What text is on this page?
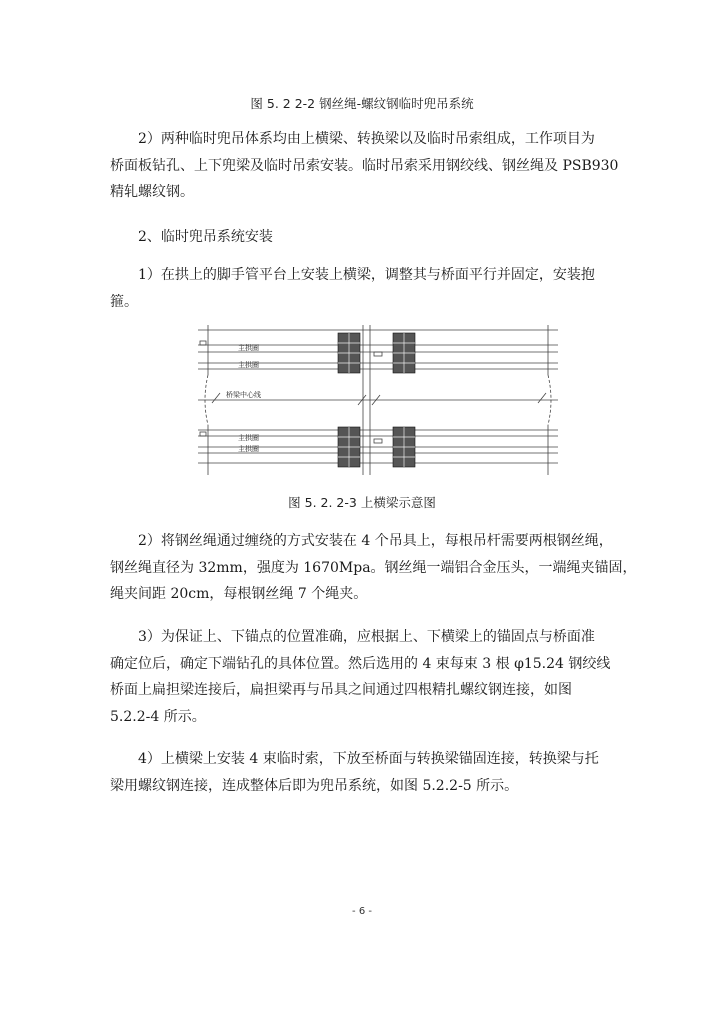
图 5. 2 2-2 钢丝绳-螺纹钢临时兜吊系统

2）两种临时兜吊体系均由上横梁、转换梁以及临时吊索组成，工作项目为
桥面板钻孔、上下兜梁及临时吊索安装。临时吊索采用钢绞线、钢丝绳及 PSB930
精轧螺纹钢。

2、临时兜吊系统安装

1）在拱上的脚手管平台上安装上横梁，调整其与桥面平行并固定，安装抱
箍。

主拱圈
主拱圈
桥梁中心线
主拱圈
主拱圈
图 5. 2. 2-3 上横梁示意图

2）将钢丝绳通过缠绕的方式安装在 4 个吊具上，每根吊杆需要两根钢丝绳，
钢丝绳直径为 32mm，强度为 1670Mpa。钢丝绳一端铝合金压头，一端绳夹锚固，
绳夹间距 20cm，每根钢丝绳 7 个绳夹。

3）为保证上、下锚点的位置准确，应根据上、下横梁上的锚固点与桥面准
确定位后，确定下端钻孔的具体位置。然后选用的 4 束每束 3 根 φ15.24 钢绞线
桥面上扁担梁连接后，扁担梁再与吊具之间通过四根精扎螺纹钢连接，如图
5.2.2-4 所示。

4）上横梁上安装 4 束临时索，下放至桥面与转换梁锚固连接，转换梁与托
梁用螺纹钢连接，连成整体后即为兜吊系统，如图 5.2.2-5 所示。

- 6 -
